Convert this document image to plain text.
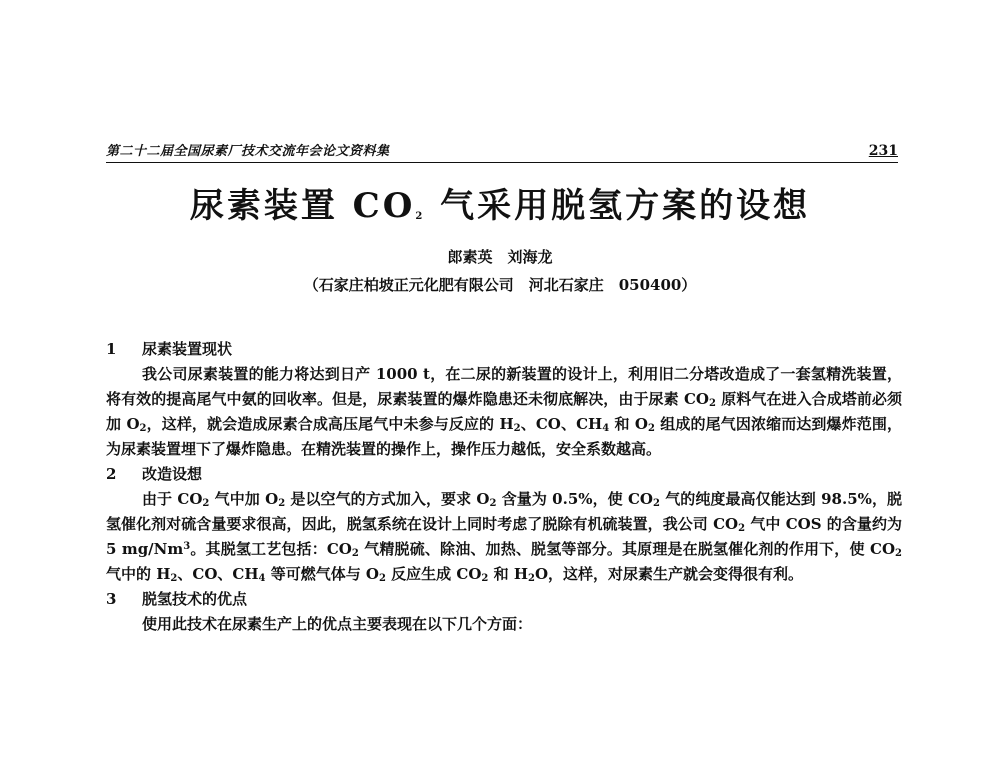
第二十二届全国尿素厂技术交流年会论文资料集	231
尿素装置 $CO_2$ 气采用脱氢方案的设想
郎素英　刘海龙
（石家庄柏坡正元化肥有限公司　河北石家庄　050400）

1 尿素装置现状

我公司尿素装置的能力将达到日产 1000 t，在二尿的新装置的设计上，利用旧二分塔改造成了一套氢精洗装置，将有效的提高尾气中氨的回收率。但是，尿素装置的爆炸隐患还未彻底解决，由于尿素 $CO_2$ 原料气在进入合成塔前必须加 $O_2$，这样，就会造成尿素合成高压尾气中未参与反应的 $H_2$、CO、$CH_4$ 和 $O_2$ 组成的尾气因浓缩而达到爆炸范围，为尿素装置埋下了爆炸隐患。在精洗装置的操作上，操作压力越低，安全系数越高。

2 改造设想

由于 $CO_2$ 气中加 $O_2$ 是以空气的方式加入，要求 $O_2$ 含量为 0.5%，使 $CO_2$ 气的纯度最高仅能达到 98.5%，脱氢催化剂对硫含量要求很高，因此，脱氢系统在设计上同时考虑了脱除有机硫装置，我公司 $CO_2$ 气中 COS 的含量约为 5 mg/Nm$^3$。其脱氢工艺包括：$CO_2$ 气精脱硫、除油、加热、脱氢等部分。其原理是在脱氢催化剂的作用下，使 $CO_2$ 气中的 $H_2$、CO、$CH_4$ 等可燃气体与 $O_2$ 反应生成 $CO_2$ 和 $H_2O$，这样，对尿素生产就会变得很有利。

3 脱氢技术的优点

使用此技术在尿素生产上的优点主要表现在以下几个方面：
